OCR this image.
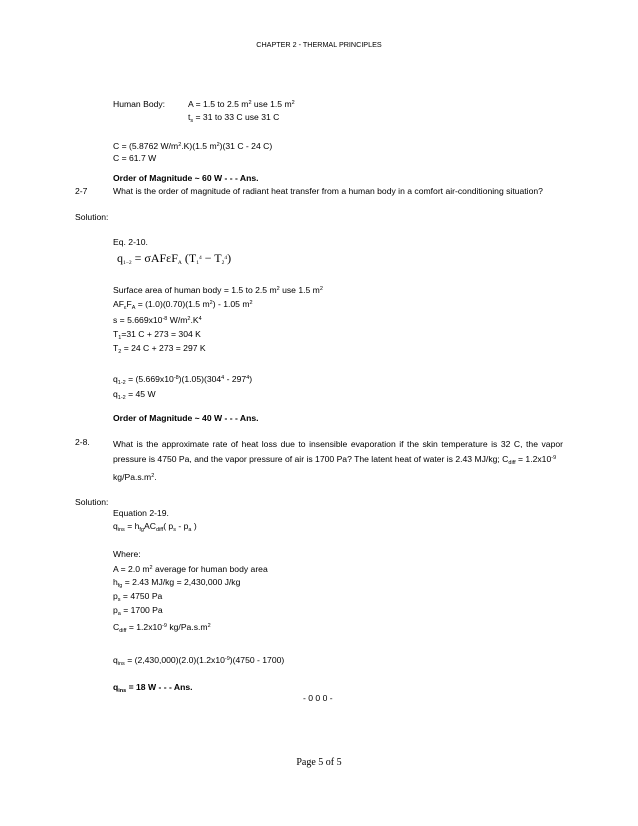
CHAPTER 2 - THERMAL PRINCIPLES
Human Body:	A = 1.5 to 2.5 $m^2$ use 1.5 $m^2$
$t_s = 31$ to 33 C use 31 C
C = (5.8762 $W/m^2.K)(1.5$ $m^2)(31$ C - 24 C)
C = 61.7 W
Order of Magnitude ~ 60 W - - - Ans.
2-7	What is the order of magnitude of radiant heat transfer from a human body in a comfort air-conditioning situation?
Solution:
Eq. 2-10.
$q_{1-2} = \sigma AF\varepsilon F_A$ $(T_1^4 - T_2^4)$
Surface area of human body = 1.5 to 2.5 $m^2$ use 1.5 $m^2$
$AF_\varepsilon F_A = (1.0)(0.70)(1.5$ $m^2) - 1.05$ $m^2$
$s = 5.669x10^{-8}$ $W/m^2.K^4$
$T_1=31$ C + 273 = 304 K
$T_2 = 24$ C + 273 = 297 K
$q_{1-2} = (5.669x10^{-8})(1.05)(304^4 - 297^4)$
$q_{1-2} = 45$ W
Order of Magnitude ~ 40 W - - - Ans.
2-8.	What is the approximate rate of heat loss due to insensible evaporation if the skin temperature is 32 C, the vapor pressure is 4750 Pa, and the vapor pressure of air is 1700 Pa? The latent heat of water is 2.43 MJ/kg; $C_{diff} = 1.2x10^{-9}$
$kg/Pa.s.m^2$.
Solution:
Equation 2-19.
$q_{ins} = h_{fg}AC_{diff}$( $p_s - p_a$ )
Where:
A = 2.0 $m^2$ average for human body area
$h_{fg} = 2.43$ MJ/kg = 2,430,000 J/kg
$p_s = 4750$ Pa
$p_a = 1700$ Pa
$C_{diff} = 1.2x10^{-9}$ $kg/Pa.s.m^2$
$q_{ins} = (2,430,000)(2.0)(1.2x10^{-9})(4750 - 1700)$
$q_{ins} = 18$ W - - - Ans.
- 0 0 0 -
Page 5 of 5
